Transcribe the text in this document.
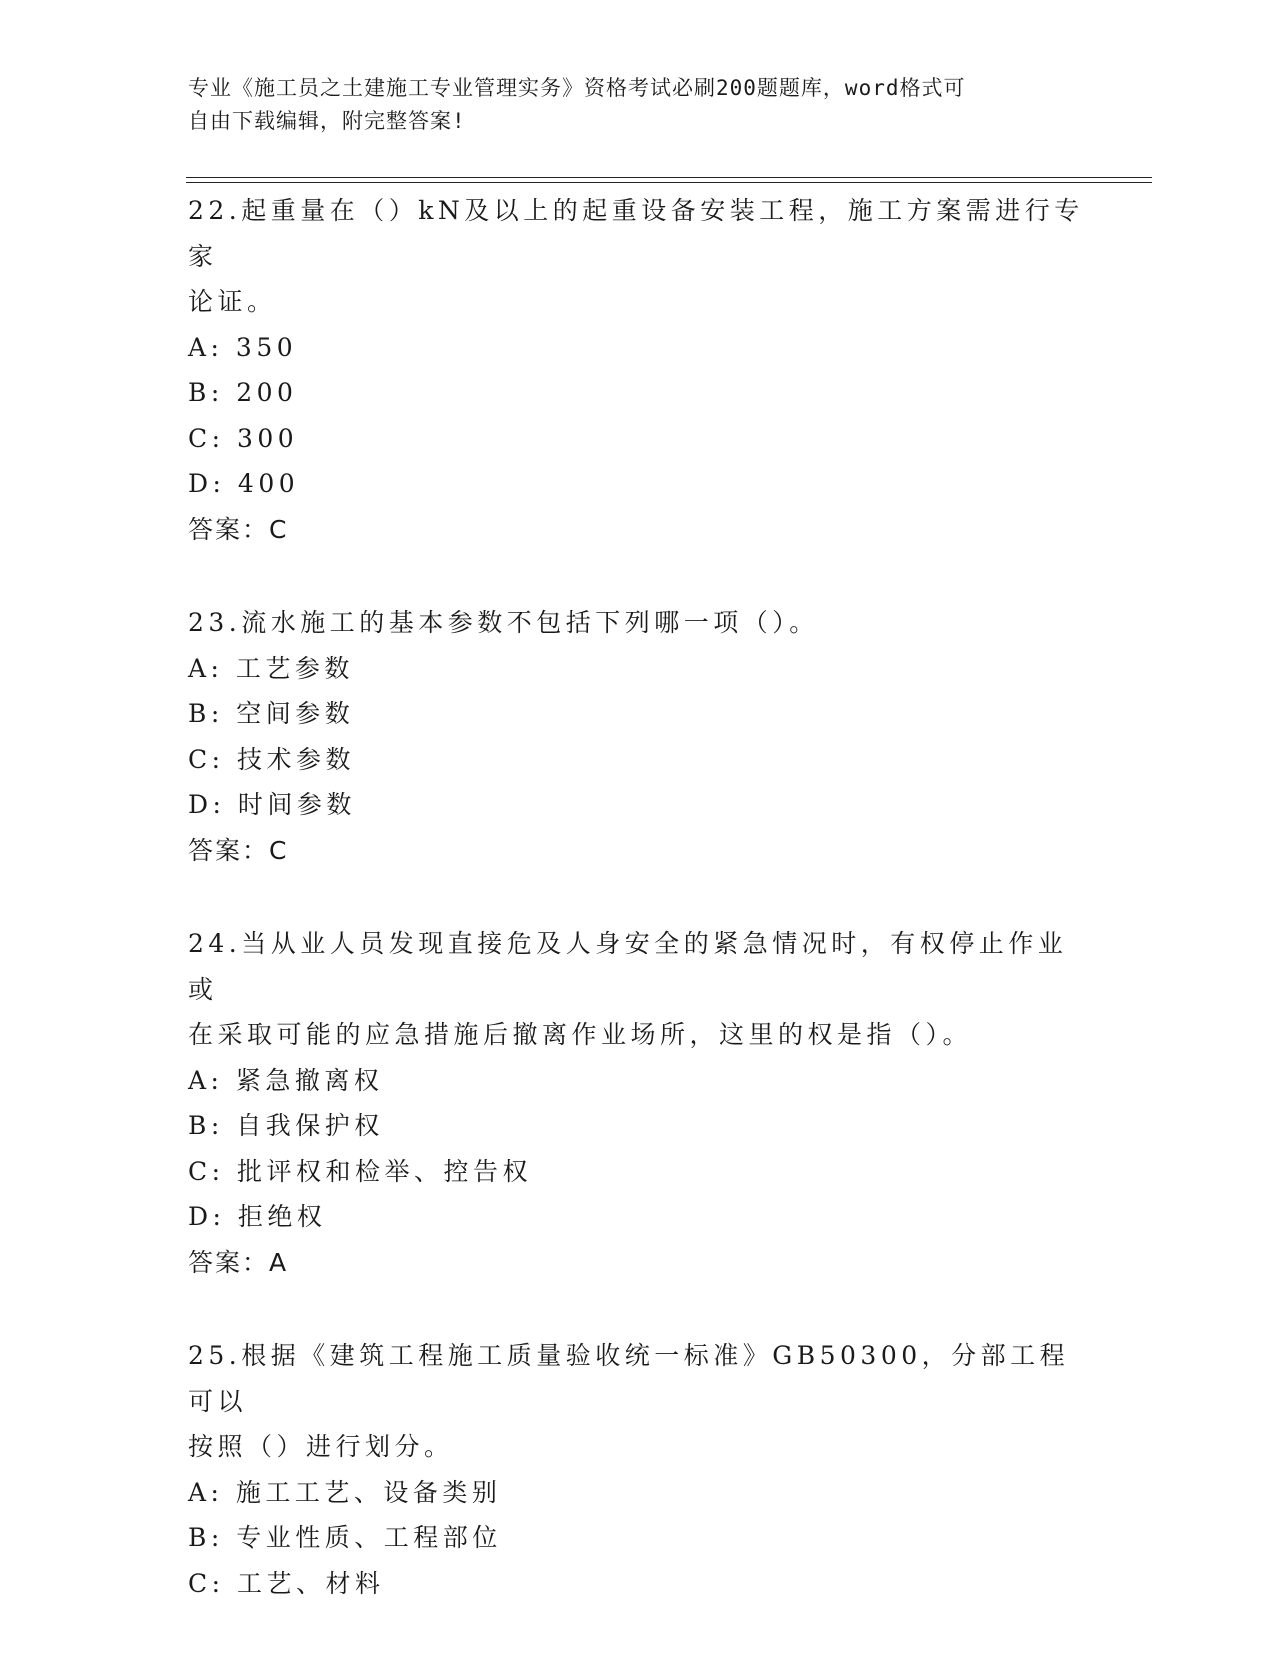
专业《施工员之土建施工专业管理实务》资格考试必刷200题题库，word格式可
自由下载编辑，附完整答案!
22.起重量在（）kN及以上的起重设备安装工程，施工方案需进行专家
论证。
A: 350
B: 200
C: 300
D: 400
答案：C
23.流水施工的基本参数不包括下列哪一项（）。
A: 工艺参数
B: 空间参数
C: 技术参数
D: 时间参数
答案：C
24.当从业人员发现直接危及人身安全的紧急情况时，有权停止作业或
在采取可能的应急措施后撤离作业场所，这里的权是指（）。
A: 紧急撤离权
B: 自我保护权
C: 批评权和检举、控告权
D: 拒绝权
答案：A
25.根据《建筑工程施工质量验收统一标准》GB50300，分部工程可以
按照（）进行划分。
A: 施工工艺、设备类别
B: 专业性质、工程部位
C: 工艺、材料
